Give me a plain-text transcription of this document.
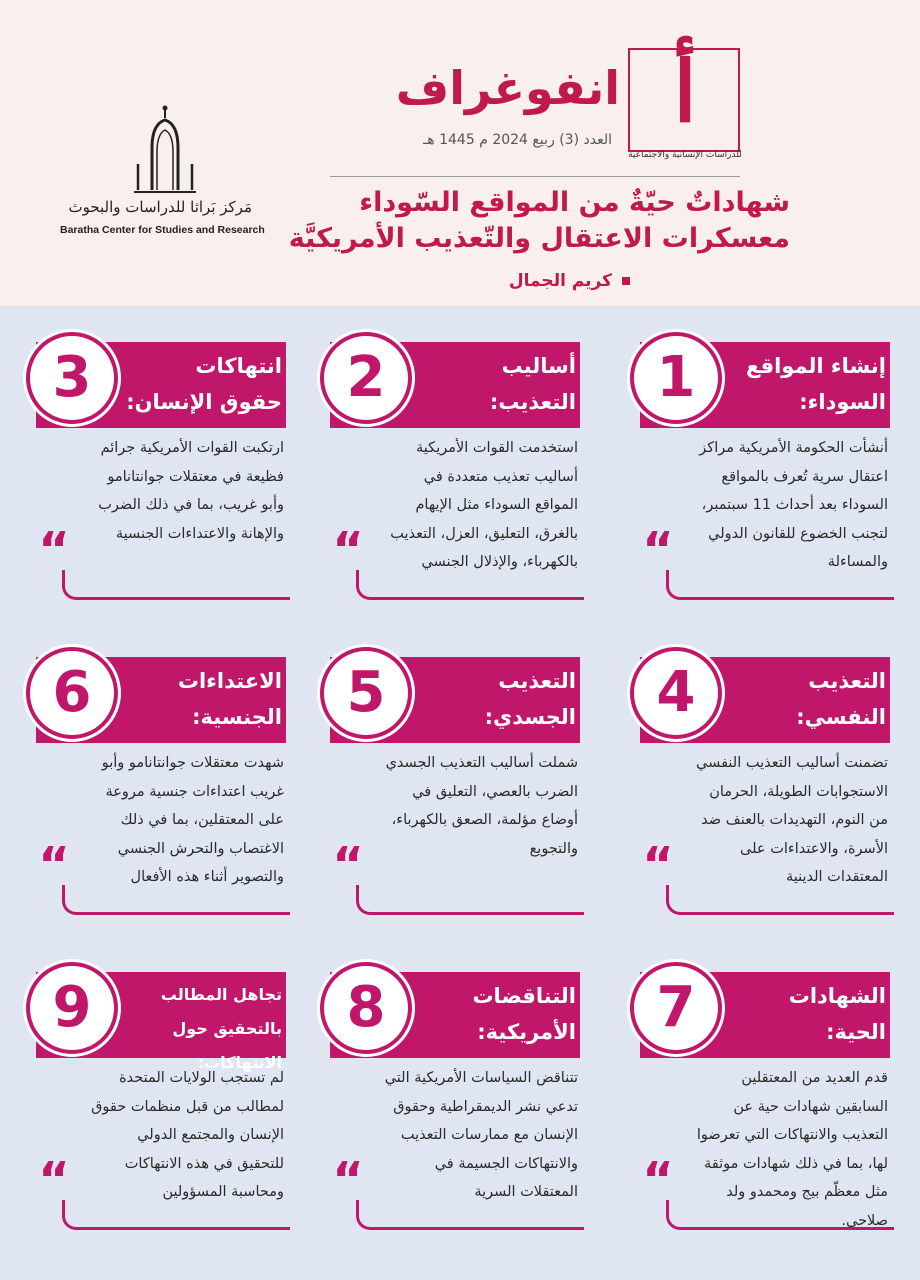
أ
للدراسات الإنسانية والاجتماعية
انفوغراف
العدد (3) ربيع 2024 م 1445 هـ
شهاداتٌ حيّةٌ من المواقع السّوداء
معسكرات الاعتقال والتّعذيب الأمريكيَّة
كريم الجمال
مَركز بَراثا للدراسات والبحوث
Baratha Center for Studies and Research
1	إنشاء المواقع السوداء:
أنشأت الحكومة الأمريكية مراكز اعتقال سرية تُعرف بالمواقع السوداء بعد أحداث 11 سبتمبر، لتجنب الخضوع للقانون الدولي والمساءلة
“
2	أساليب التعذيب:
استخدمت القوات الأمريكية أساليب تعذيب متعددة في المواقع السوداء مثل الإيهام بالغرق، التعليق، العزل، التعذيب بالكهرباء، والإذلال الجنسي
“
3	انتهاكات حقوق الإنسان:
ارتكبت القوات الأمريكية جرائم فظيعة في معتقلات جوانتانامو وأبو غريب، بما في ذلك الضرب والإهانة والاعتداءات الجنسية
“
4	التعذيب النفسي:
تضمنت أساليب التعذيب النفسي الاستجوابات الطويلة، الحرمان من النوم، التهديدات بالعنف ضد الأسرة، والاعتداءات على المعتقدات الدينية
“
5	التعذيب الجسدي:
شملت أساليب التعذيب الجسدي الضرب بالعصي، التعليق في أوضاع مؤلمة، الصعق بالكهرباء، والتجويع
“
6	الاعتداءات الجنسية:
شهدت معتقلات جوانتانامو وأبو غريب اعتداءات جنسية مروعة على المعتقلين، بما في ذلك الاغتصاب والتحرش الجنسي والتصوير أثناء هذه الأفعال
“
7	الشهادات الحية:
قدم العديد من المعتقلين السابقين شهادات حية عن التعذيب والانتهاكات التي تعرضوا لها، بما في ذلك شهادات موثقة مثل معظّم بيج ومحمدو ولد صلاحي.
“
8	التناقضات الأمريكية:
تتناقض السياسات الأمريكية التي تدعي نشر الديمقراطية وحقوق الإنسان مع ممارسات التعذيب والانتهاكات الجسيمة في المعتقلات السرية
“
9	تجاهل المطالب بالتحقيق حول الانتهاكات:
لم تستجب الولايات المتحدة لمطالب من قبل منظمات حقوق الإنسان والمجتمع الدولي للتحقيق في هذه الانتهاكات ومحاسبة المسؤولين
“
